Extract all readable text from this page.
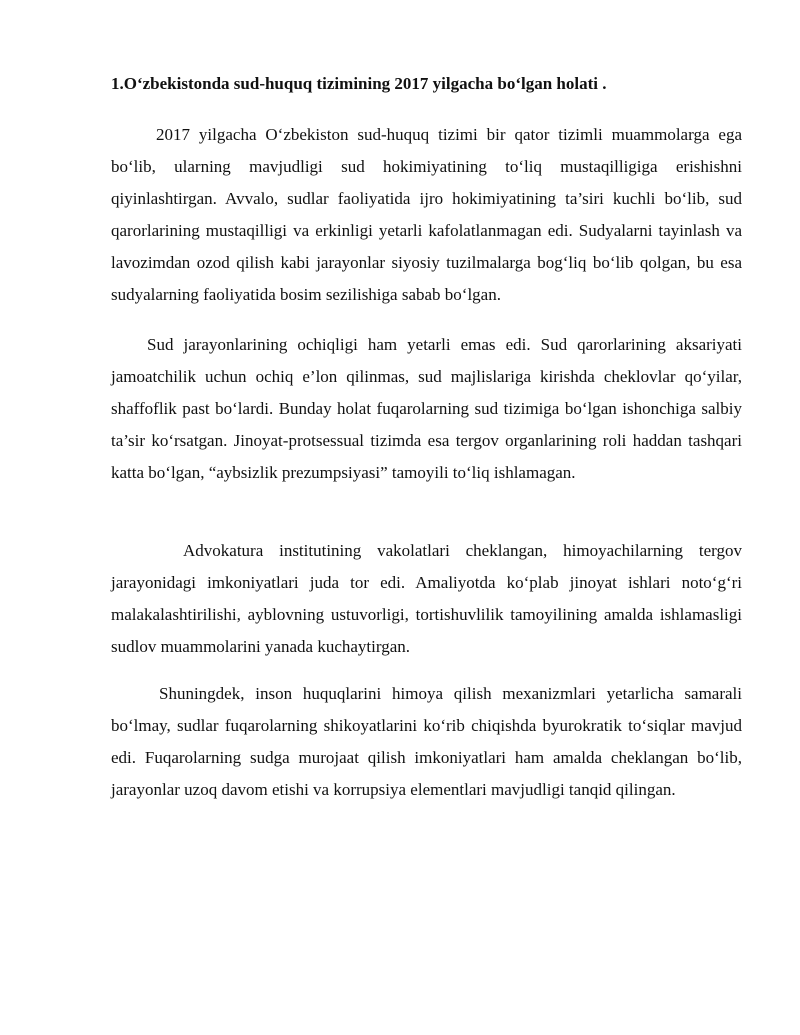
1.O‘zbekistonda sud-huquq tizimining 2017 yilgacha bo‘lgan holati .

2017 yilgacha O‘zbekiston sud-huquq tizimi bir qator tizimli muammolarga ega bo‘lib, ularning mavjudligi sud hokimiyatining to‘liq mustaqilligiga erishishni qiyinlashtirgan. Avvalo, sudlar faoliyatida ijro hokimiyatining ta’siri kuchli bo‘lib, sud qarorlarining mustaqilligi va erkinligi yetarli kafolatlanmagan edi. Sudyalarni tayinlash va lavozimdan ozod qilish kabi jarayonlar siyosiy tuzilmalarga bog‘liq bo‘lib qolgan, bu esa sudyalarning faoliyatida bosim sezilishiga sabab bo‘lgan.

Sud jarayonlarining ochiqligi ham yetarli emas edi. Sud qarorlarining aksariyati jamoatchilik uchun ochiq e’lon qilinmas, sud majlislariga kirishda cheklovlar qo‘yilar, shaffoflik past bo‘lardi. Bunday holat fuqarolarning sud tizimiga bo‘lgan ishonchiga salbiy ta’sir ko‘rsatgan. Jinoyat-protsessual tizimda esa tergov organlarining roli haddan tashqari katta bo‘lgan, “aybsizlik prezumpsiyasi” tamoyili to‘liq ishlamagan.

Advokatura institutining vakolatlari cheklangan, himoyachilarning tergov jarayonidagi imkoniyatlari juda tor edi. Amaliyotda ko‘plab jinoyat ishlari noto‘g‘ri malakalashtirilishi, ayblovning ustuvorligi, tortishuvlilik tamoyilining amalda ishlamasligi sudlov muammolarini yanada kuchaytirgan.

Shuningdek, inson huquqlarini himoya qilish mexanizmlari yetarlicha samarali bo‘lmay, sudlar fuqarolarning shikoyatlarini ko‘rib chiqishda byurokratik to‘siqlar mavjud edi. Fuqarolarning sudga murojaat qilish imkoniyatlari ham amalda cheklangan bo‘lib, jarayonlar uzoq davom etishi va korrupsiya elementlari mavjudligi tanqid qilingan.
